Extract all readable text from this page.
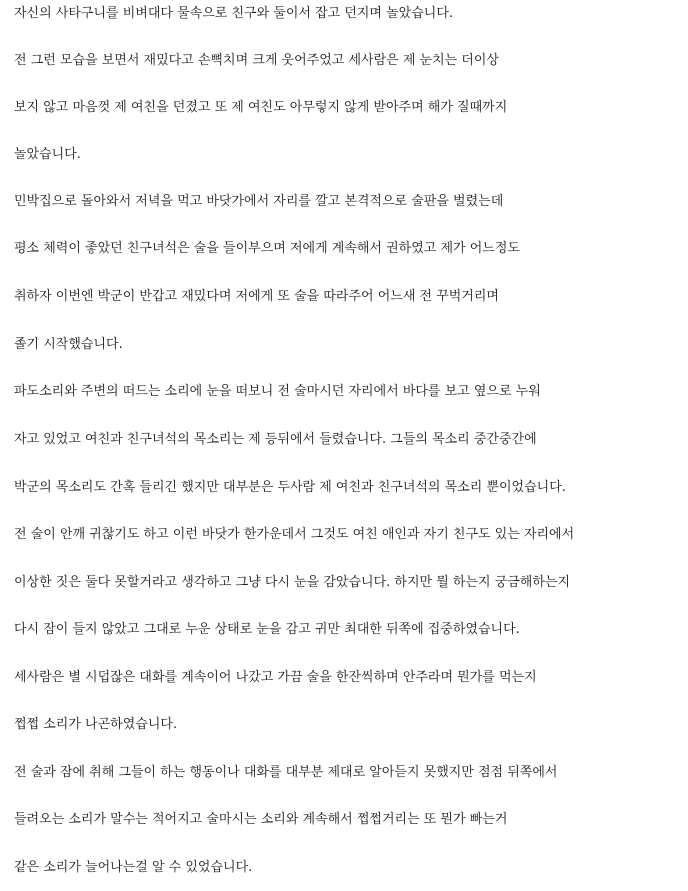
자신의 사타구니를 비벼대다 물속으로 친구와 둘이서 잡고 던지며 놀았습니다.
전 그런 모습을 보면서 재밌다고 손뼉치며 크게 웃어주었고 세사람은 제 눈치는 더이상
보지 않고 마음껏 제 여친을 던졌고 또 제 여친도 아무렇지 않게 받아주며 해가 질때까지
놀았습니다.
민박집으로 돌아와서 저녁을 먹고 바닷가에서 자리를 깔고 본격적으로 술판을 벌렸는데
평소 체력이 좋았던 친구녀석은 술을 들이부으며 저에게 계속해서 권하였고 제가 어느정도
취하자 이번엔 박군이 반갑고 재밌다며 저에게 또 술을 따라주어 어느새 전 꾸벅거리며
졸기 시작했습니다.
파도소리와 주변의 떠드는 소리에 눈을 떠보니 전 술마시던 자리에서 바다를 보고 옆으로 누워
자고 있었고 여친과 친구녀석의 목소리는 제 등뒤에서 들렸습니다. 그들의 목소리 중간중간에
박군의 목소리도 간혹 들리긴 했지만 대부분은 두사람 제 여친과 친구녀석의 목소리 뿐이었습니다.
전 술이 안깨 귀찮기도 하고 이런 바닷가 한가운데서 그것도 여친 애인과 자기 친구도 있는 자리에서
이상한 짓은 둘다 못할거라고 생각하고 그냥 다시 눈을 감았습니다. 하지만 뭘 하는지 궁금해하는지
다시 잠이 들지 않았고 그대로 누운 상태로 눈을 감고 귀만 최대한 뒤쪽에 집중하였습니다.
세사람은 별 시덥잖은 대화를 계속이어 나갔고 가끔 술을 한잔씩하며 안주라며 뭔가를 먹는지
쩝쩝 소리가 나곤하였습니다.
전 술과 잠에 취해 그들이 하는 행동이나 대화를 대부분 제대로 알아듣지 못했지만 점점 뒤쪽에서
들려오는 소리가 말수는 적어지고 술마시는 소리와 계속해서 쩝쩝거리는 또 뭔가 빠는거
같은 소리가 늘어나는걸 알 수 있었습니다.
